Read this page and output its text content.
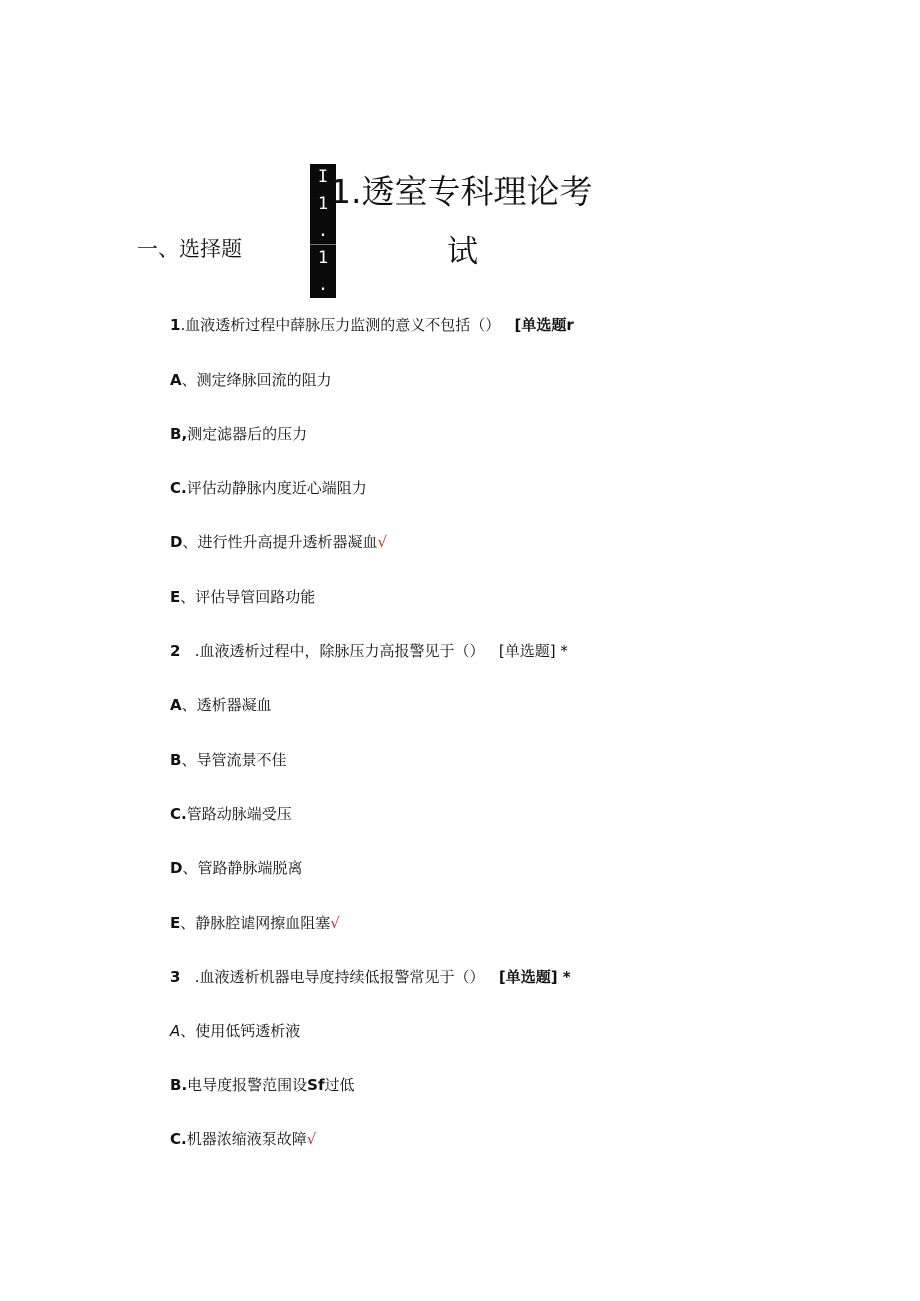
I
1
.
1
.
1.透室专科理论考
试
一、选择题
1.血液透析过程中薛脉压力监测的意义不包括（） [单选题r
A、测定绛脉回流的阻力
B,测定滤器后的压力
C.评估动静脉内度近心端阻力
D、进行性升高提升透析器凝血√
E、评估导管回路功能
2 .血液透析过程中，除脉压力高报警见于（） [单选题] *
A、透析器凝血
B、导管流景不佳
C.管路动脉端受压
D、管路静脉端脱离
E、静脉腔谑网擦血阻塞√
3 .血液透析机器电导度持续低报警常见于（） [单选题] *
A、使用低钙透析液
B.电导度报警范围设Sf过低
C.机器浓缩液泵故障√
